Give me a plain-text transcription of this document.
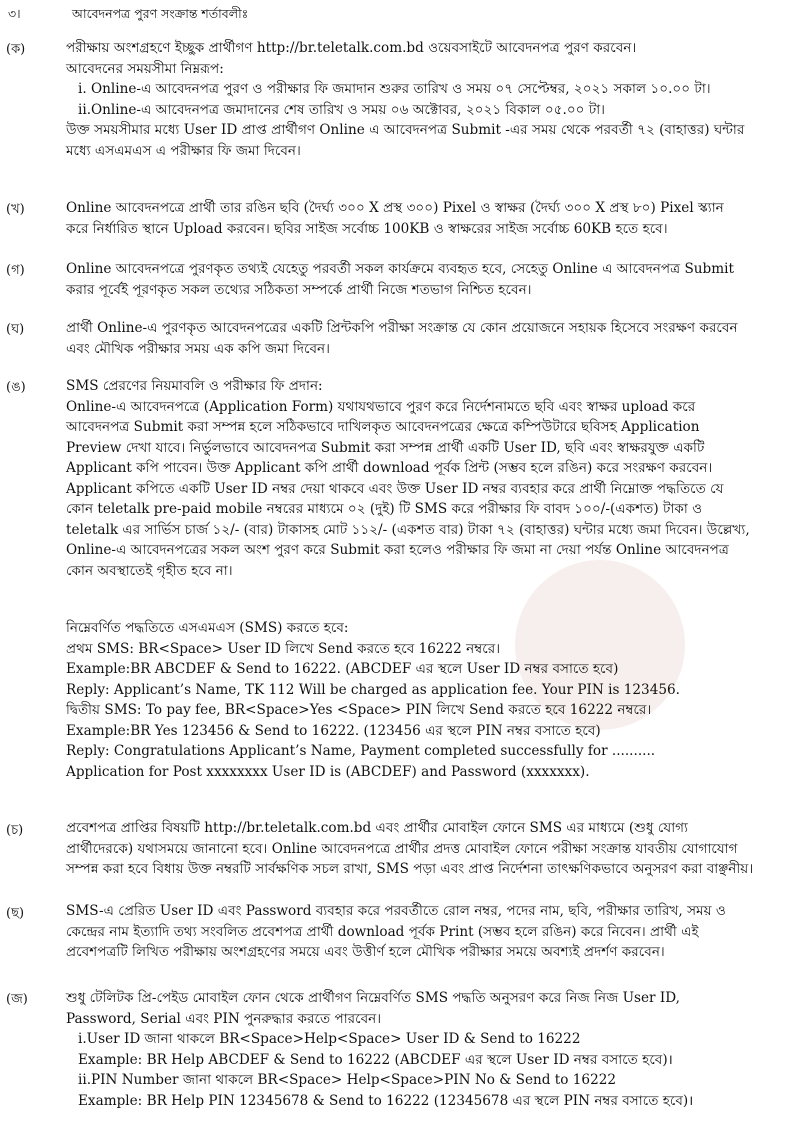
৩।	আবেদনপত্র পুরণ সংক্রান্ত শর্তাবলীঃ
(ক)	পরীক্ষায় অংশগ্রহণে ইচ্ছুক প্রার্থীগণ http://br.teletalk.com.bd ওয়েবসাইটে আবেদনপত্র পুরণ করবেন।
আবেদনের সময়সীমা নিম্নরূপ:
i. Online-এ আবেদনপত্র পুরণ ও পরীক্ষার ফি জমাদান শুরুর তারিখ ও সময় ০৭ সেপ্টেম্বর, ২০২১ সকাল ১০.০০ টা।
ii.Online-এ আবেদনপত্র জমাদানের শেষ তারিখ ও সময় ০৬ অক্টোবর, ২০২১ বিকাল ০৫.০০ টা।
উক্ত সময়সীমার মধ্যে User ID প্রাপ্ত প্রার্থীগণ Online এ আবেদনপত্র Submit -এর সময় থেকে পরবর্তী ৭২ (বাহাত্তর) ঘন্টার
মধ্যে এসএমএস এ পরীক্ষার ফি জমা দিবেন।
(খ)	Online আবেদনপত্রে প্রার্থী তার রঙিন ছবি (দৈর্ঘ্য ৩০০ X প্রস্থ ৩০০) Pixel ও স্বাক্ষর (দৈর্ঘ্য ৩০০ X প্রস্থ ৮০) Pixel স্ক্যান
করে নির্ধারিত স্থানে Upload করবেন। ছবির সাইজ সর্বোচ্চ 100KB ও স্বাক্ষরের সাইজ সর্বোচ্চ 60KB হতে হবে।
(গ)	Online আবেদনপত্রে পুরণকৃত তথ্যই যেহেতু পরবর্তী সকল কার্যক্রমে ব্যবহৃত হবে, সেহেতু Online এ আবেদনপত্র Submit
করার পূর্বেই পূরণকৃত সকল তথ্যের সঠিকতা সম্পর্কে প্রার্থী নিজে শতভাগ নিশ্চিত হবেন।
(ঘ)	প্রার্থী Online-এ পুরণকৃত আবেদনপত্রের একটি প্রিন্টকপি পরীক্ষা সংক্রান্ত যে কোন প্রয়োজনে সহায়ক হিসেবে সংরক্ষণ করবেন
এবং মৌখিক পরীক্ষার সময় এক কপি জমা দিবেন।
(ঙ)	SMS প্রেরণের নিয়মাবলি ও পরীক্ষার ফি প্রদান:
Online-এ আবেদনপত্রে (Application Form) যথাযথভাবে পুরণ করে নির্দেশনামতে ছবি এবং স্বাক্ষর upload করে
আবেদনপত্র Submit করা সম্পন্ন হলে সঠিকভাবে দাখিলকৃত আবেদনপত্রের ক্ষেত্রে কম্পিউটারে ছবিসহ Application
Preview দেখা যাবে। নির্ভুলভাবে আবেদনপত্র Submit করা সম্পন্ন প্রার্থী একটি User ID, ছবি এবং স্বাক্ষরযুক্ত একটি
Applicant কপি পাবেন। উক্ত Applicant কপি প্রার্থী download পূর্বক প্রিন্ট (সম্ভব হলে রঙিন) করে সংরক্ষণ করবেন।
Applicant কপিতে একটি User ID নম্বর দেয়া থাকবে এবং উক্ত User ID নম্বর ব্যবহার করে প্রার্থী নিম্নোক্ত পদ্ধতিতে যে
কোন teletalk pre-paid mobile নম্বরের মাধ্যমে ০২ (দুই) টি SMS করে পরীক্ষার ফি বাবদ ১০০/-(একশত) টাকা ও
teletalk এর সার্ভিস চার্জ ১২/- (বার) টাকাসহ মোট ১১২/- (একশত বার) টাকা ৭২ (বাহাত্তর) ঘন্টার মধ্যে জমা দিবেন। উল্লেখ্য,
Online-এ আবেদনপত্রের সকল অংশ পুরণ করে Submit করা হলেও পরীক্ষার ফি জমা না দেয়া পর্যন্ত Online আবেদনপত্র
কোন অবস্থাতেই গৃহীত হবে না।
নিম্নেবর্ণিত পদ্ধতিতে এসএমএস (SMS) করতে হবে:
প্রথম SMS: BR<Space> User ID লিখে Send করতে হবে 16222 নম্বরে।
Example:BR ABCDEF & Send to 16222. (ABCDEF এর স্থলে User ID নম্বর বসাতে হবে)
Reply: Applicant’s Name, TK 112 Will be charged as application fee. Your PIN is 123456.
দ্বিতীয় SMS: To pay fee, BR<Space>Yes <Space> PIN লিখে Send করতে হবে 16222 নম্বরে।
Example:BR Yes 123456 & Send to 16222. (123456 এর স্থলে PIN নম্বর বসাতে হবে)
Reply: Congratulations Applicant’s Name, Payment completed successfully for ..........
Application for Post xxxxxxxx User ID is (ABCDEF) and Password (xxxxxxx).
(চ)	প্রবেশপত্র প্রাপ্তির বিষয়টি http://br.teletalk.com.bd এবং প্রার্থীর মোবাইল ফোনে SMS এর মাধ্যমে (শুধু যোগ্য
প্রার্থীদেরকে) যথাসময়ে জানানো হবে। Online আবেদনপত্রে প্রার্থীর প্রদত্ত মোবাইল ফোনে পরীক্ষা সংক্রান্ত যাবতীয় যোগাযোগ
সম্পন্ন করা হবে বিধায় উক্ত নম্বরটি সার্বক্ষণিক সচল রাখা, SMS পড়া এবং প্রাপ্ত নির্দেশনা তাৎক্ষণিকভাবে অনুসরণ করা বাঞ্ছনীয়।
(ছ)	SMS-এ প্রেরিত User ID এবং Password ব্যবহার করে পরবর্তীতে রোল নম্বর, পদের নাম, ছবি, পরীক্ষার তারিখ, সময় ও
কেন্দ্রের নাম ইত্যাদি তথ্য সংবলিত প্রবেশপত্র প্রার্থী download পূর্বক Print (সম্ভব হলে রঙিন) করে নিবেন। প্রার্থী এই
প্রবেশপত্রটি লিখিত পরীক্ষায় অংশগ্রহণের সময়ে এবং উত্তীর্ণ হলে মৌখিক পরীক্ষার সময়ে অবশ্যই প্রদর্শণ করবেন।
(জ)	শুধু টেলিটক প্রি-পেইড মোবাইল ফোন থেকে প্রার্থীগণ নিম্নেবর্ণিত SMS পদ্ধতি অনুসরণ করে নিজ নিজ User ID,
Password, Serial এবং PIN পুনরুদ্ধার করতে পারবেন।
i.User ID জানা থাকলে BR<Space>Help<Space> User ID & Send to 16222
Example: BR Help ABCDEF & Send to 16222 (ABCDEF এর স্থলে User ID নম্বর বসাতে হবে)।
ii.PIN Number জানা থাকলে BR<Space> Help<Space>PIN No & Send to 16222
Example: BR Help PIN 12345678 & Send to 16222 (12345678 এর স্থলে PIN নম্বর বসাতে হবে)।
